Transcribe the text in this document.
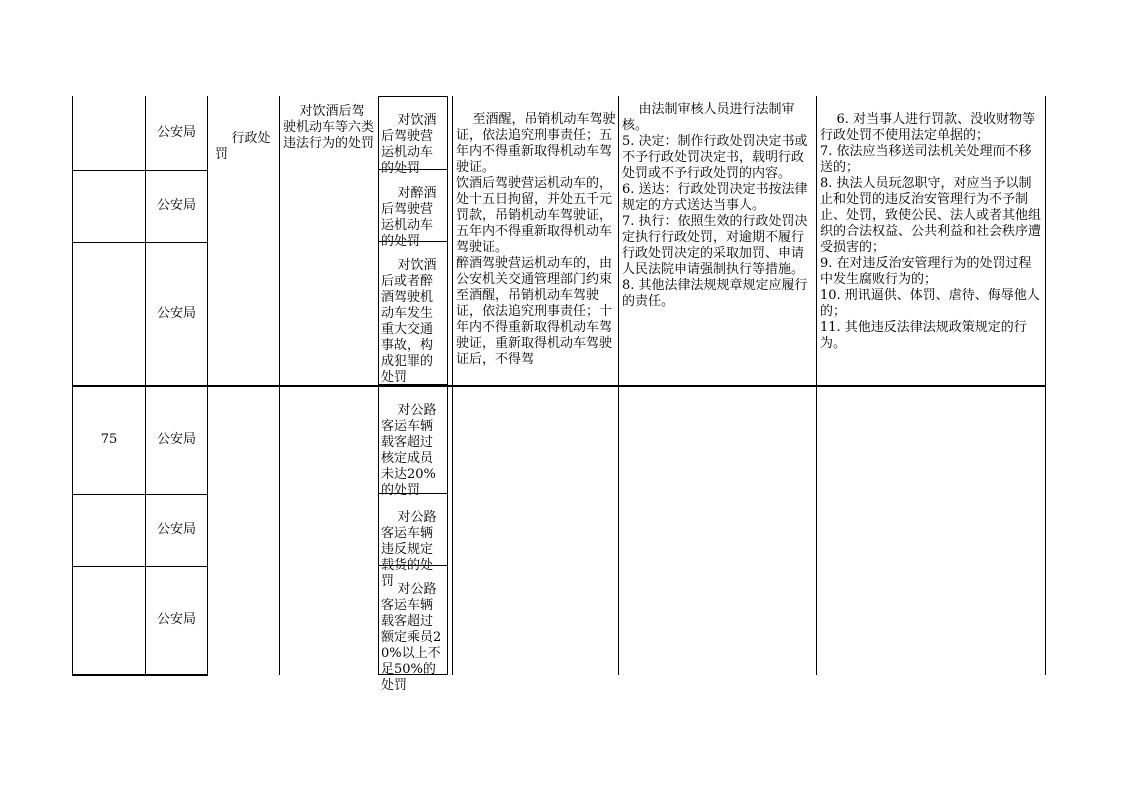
公安局
公安局
公安局

行政处罚

对饮酒后驾驶机动车等六类违法行为的处罚

对饮酒后驾驶营运机动车的处罚

对醉酒后驾驶营运机动车的处罚

对饮酒后或者醉酒驾驶机动车发生重大交通事故，构成犯罪的处罚

至酒醒，吊销机动车驾驶证，依法追究刑事责任；五年内不得重新取得机动车驾驶证。
饮酒后驾驶营运机动车的，处十五日拘留，并处五千元罚款，吊销机动车驾驶证，五年内不得重新取得机动车驾驶证。
醉酒驾驶营运机动车的，由公安机关交通管理部门约束至酒醒，吊销机动车驾驶证，依法追究刑事责任；十年内不得重新取得机动车驾驶证，重新取得机动车驾驶证后，不得驾

由法制审核人员进行法制审核。
5. 决定：制作行政处罚决定书或不予行政处罚决定书，载明行政处罚或不予行政处罚的内容。
6. 送达：行政处罚决定书按法律规定的方式送达当事人。
7. 执行：依照生效的行政处罚决定执行行政处罚，对逾期不履行行政处罚决定的采取加罚、申请人民法院申请强制执行等措施。
8. 其他法律法规规章规定应履行的责任。

6. 对当事人进行罚款、没收财物等行政处罚不使用法定单据的；
7. 依法应当移送司法机关处理而不移送的；
8. 执法人员玩忽职守，对应当予以制止和处罚的违反治安管理行为不予制止、处罚，致使公民、法人或者其他组织的合法权益、公共利益和社会秩序遭受损害的；
9. 在对违反治安管理行为的处罚过程中发生腐败行为的；
10. 刑讯逼供、体罚、虐待、侮辱他人的；
11. 其他违反法律法规政策规定的行为。

75	公安局
公安局
公安局

对公路客运车辆载客超过核定成员未达20%的处罚

对公路客运车辆违反规定载货的处罚

对公路客运车辆载客超过额定乘员20%以上不足50%的处罚
